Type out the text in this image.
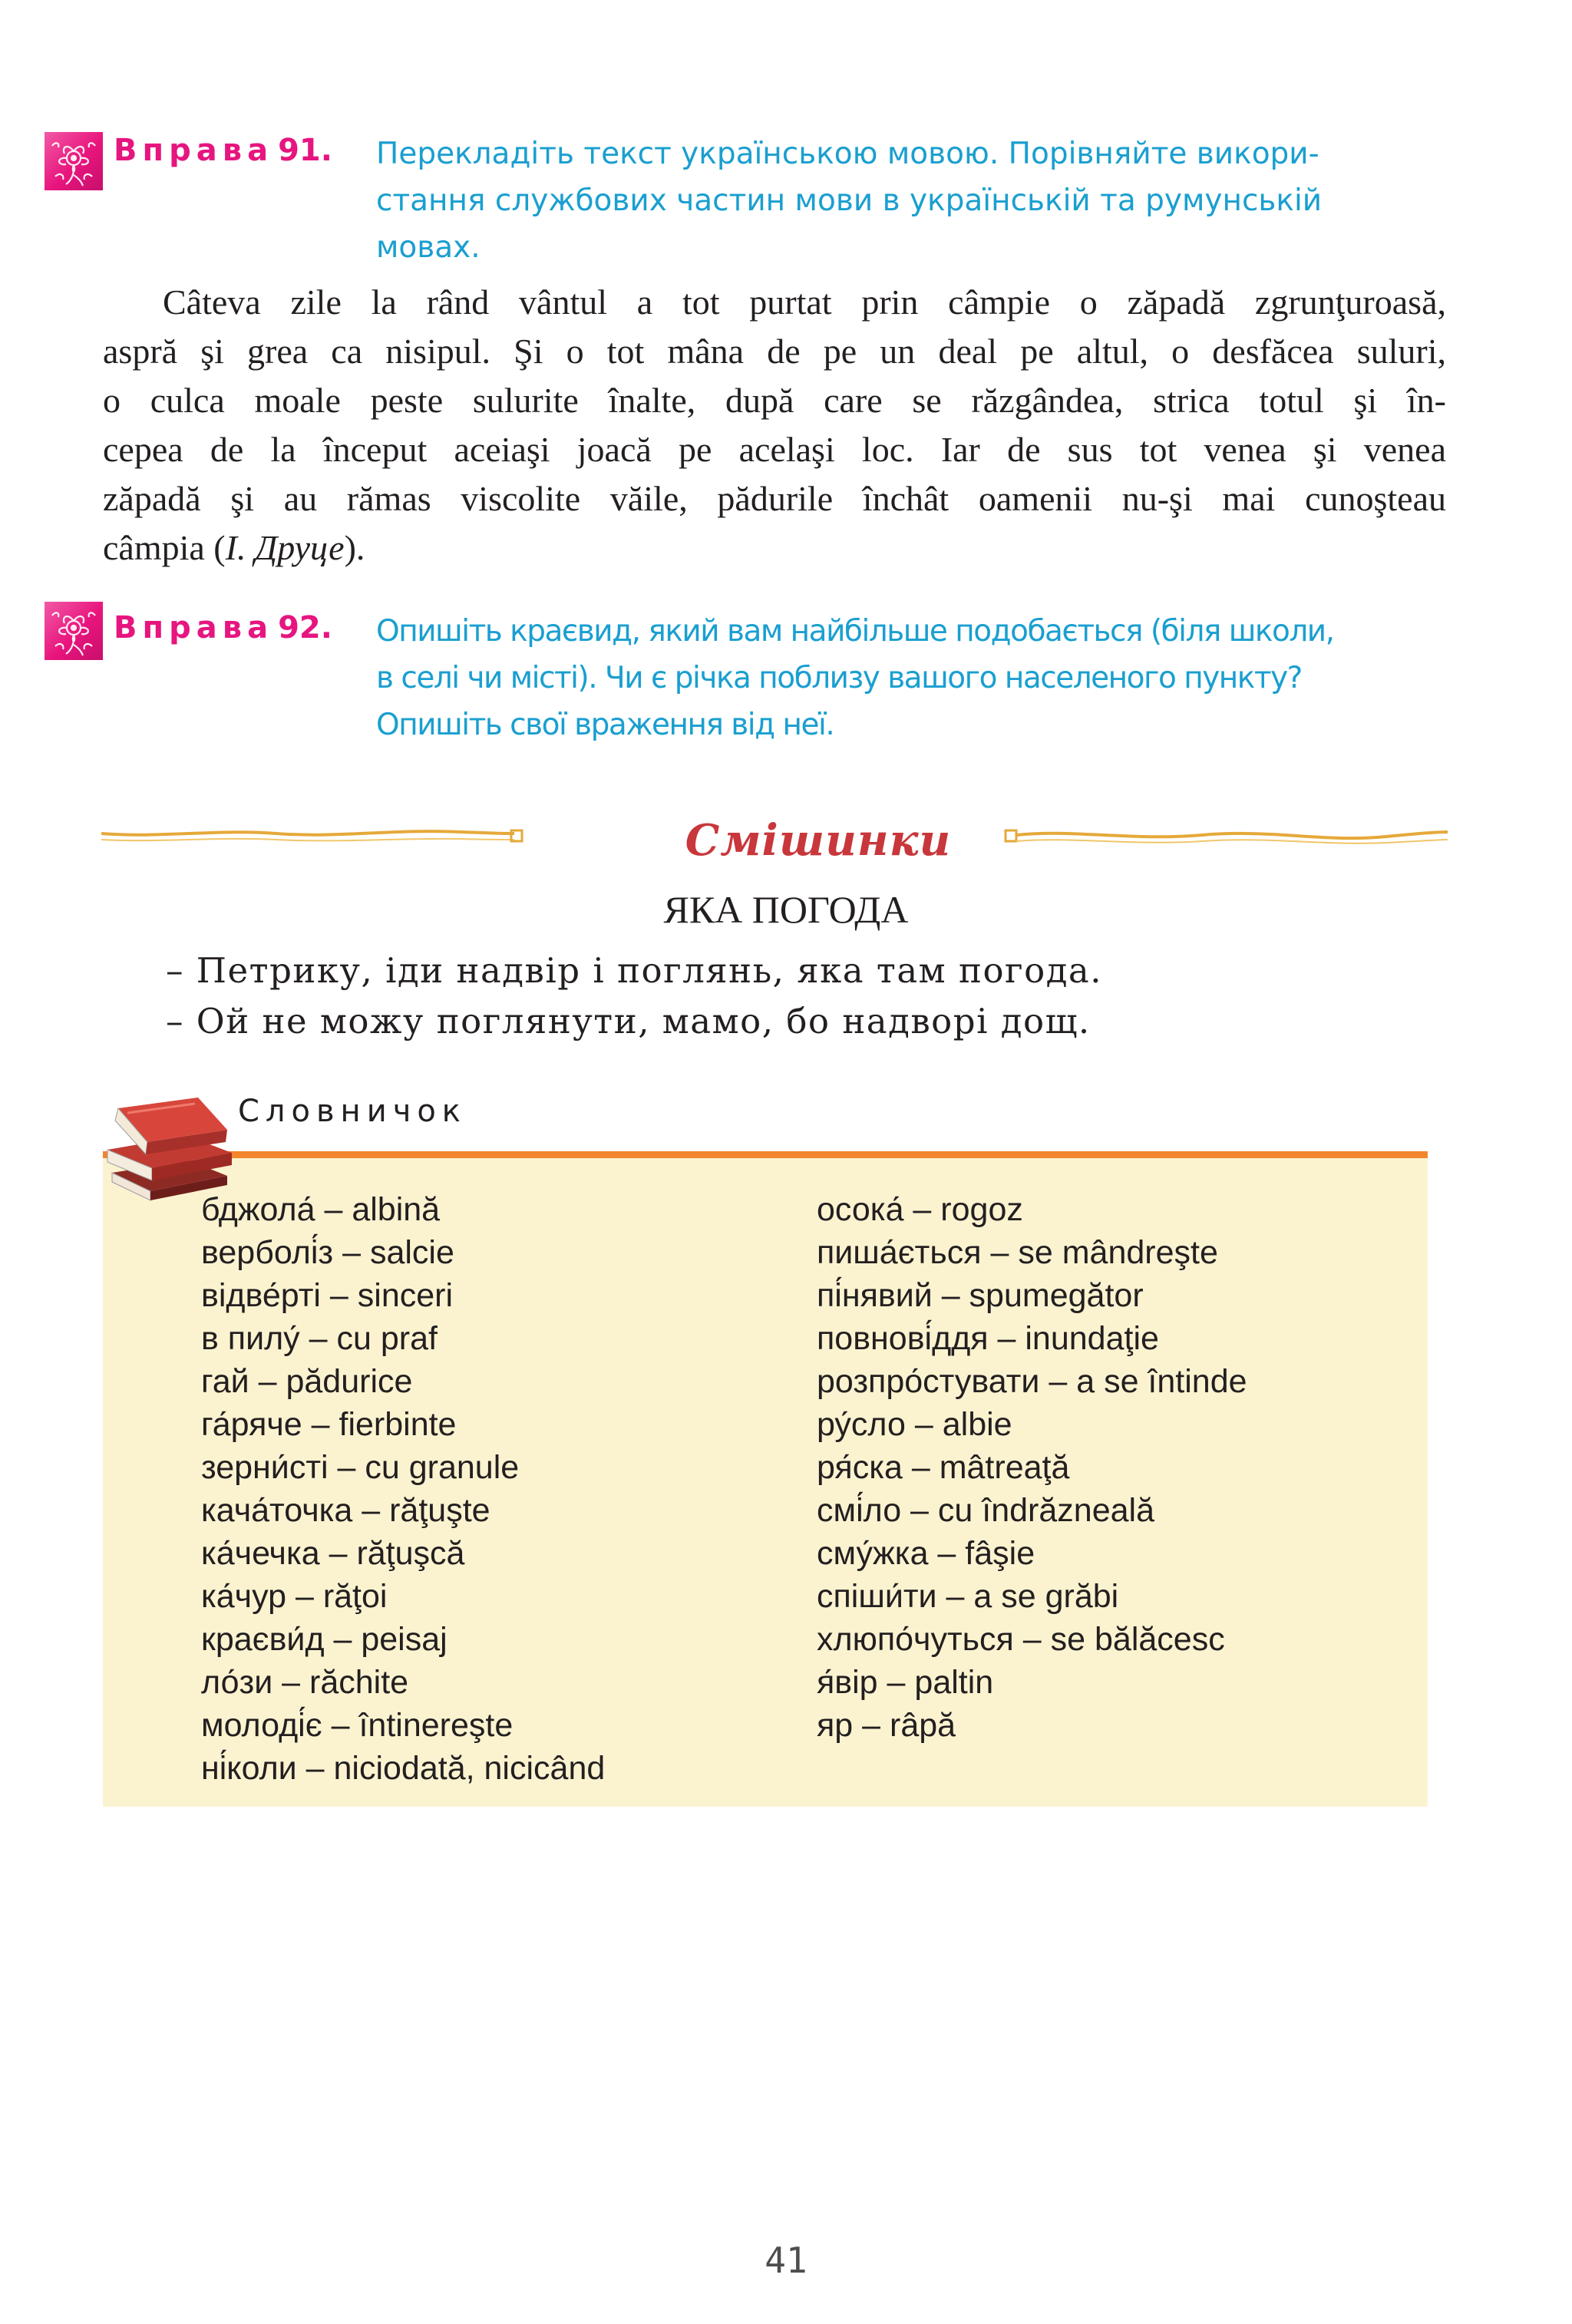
Вправа 91. Перекладіть текст українською мовою. Порівняйте викори-
стання службових частин мови в українській та румунській
мовах.
Câteva zile la rând vântul a tot purtat prin câmpie o zăpadă zgrunţuroasă,
aspră şi grea ca nisipul. Şi o tot mâna de pe un deal pe altul, o desfăcea suluri,
o culca moale peste sulurite înalte, după care se răzgândea, strica totul şi în-
cepea de la început aceiaşi joacă pe acelaşi loc. Iar de sus tot venea şi venea
zăpadă şi au rămas viscolite văile, pădurile închât oamenii nu-şi mai cunoşteau
câmpia (І. Друце).
Вправа 92. Опишіть краєвид, який вам найбільше подобається (біля школи,
в селі чи місті). Чи є річка поблизу вашого населеного пункту?
Опишіть свої враження від неї.
Смішинки
ЯКА ПОГОДА
– Петрику, іди надвір і поглянь, яка там погода.
– Ой не можу поглянути, мамо, бо надворі дощ.
Словничок
бджола́ – albină
верболі́з – salcie
відве́рті – sinceri
в пилу́ – cu praf
гай – pădurice
га́ряче – fierbinte
зерни́сті – cu granule
кача́точка – răţuşte
ка́чечка – răţuşcă
ка́чур – răţoi
краєви́д – peisaj
ло́зи – răchite
молоді́є – întinereşte
ні́коли – niciodată, nicicând
осока́ – rogoz
пиша́ється – se mândreşte
пі́нявий – spumegător
повнові́ддя – inundaţie
розпро́стувати – a se întinde
ру́сло – albie
ря́ска – mâtreaţă
смі́ло – cu îndrăzneală
сму́жка – fâşie
спіши́ти – a se grăbi
хлюпо́чуться – se bălăcesc
я́вір – paltin
яр – râpă
41
